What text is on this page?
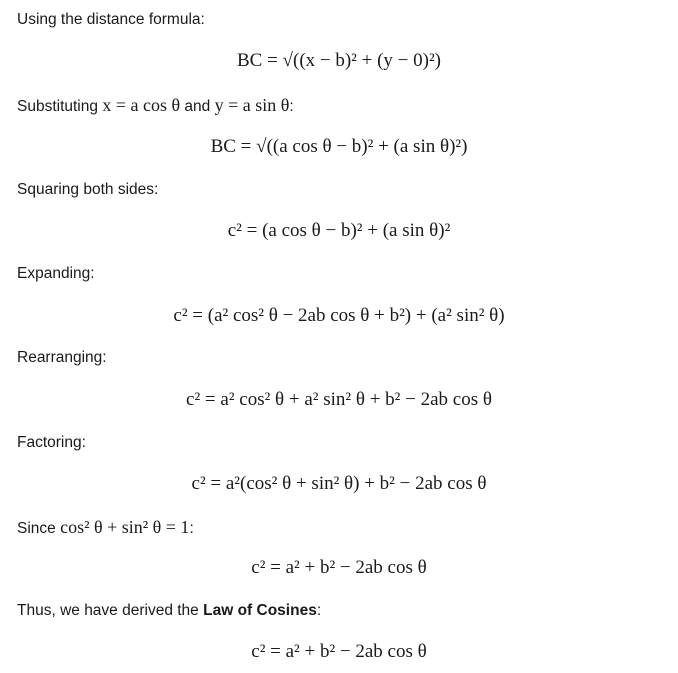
Using the distance formula:
BC = √((x − b)² + (y − 0)²)
Substituting x = a cos θ and y = a sin θ:
BC = √((a cos θ − b)² + (a sin θ)²)
Squaring both sides:
c² = (a cos θ − b)² + (a sin θ)²
Expanding:
c² = (a² cos² θ − 2ab cos θ + b²) + (a² sin² θ)
Rearranging:
c² = a² cos² θ + a² sin² θ + b² − 2ab cos θ
Factoring:
c² = a²(cos² θ + sin² θ) + b² − 2ab cos θ
Since cos² θ + sin² θ = 1:
c² = a² + b² − 2ab cos θ
Thus, we have derived the Law of Cosines:
c² = a² + b² − 2ab cos θ
